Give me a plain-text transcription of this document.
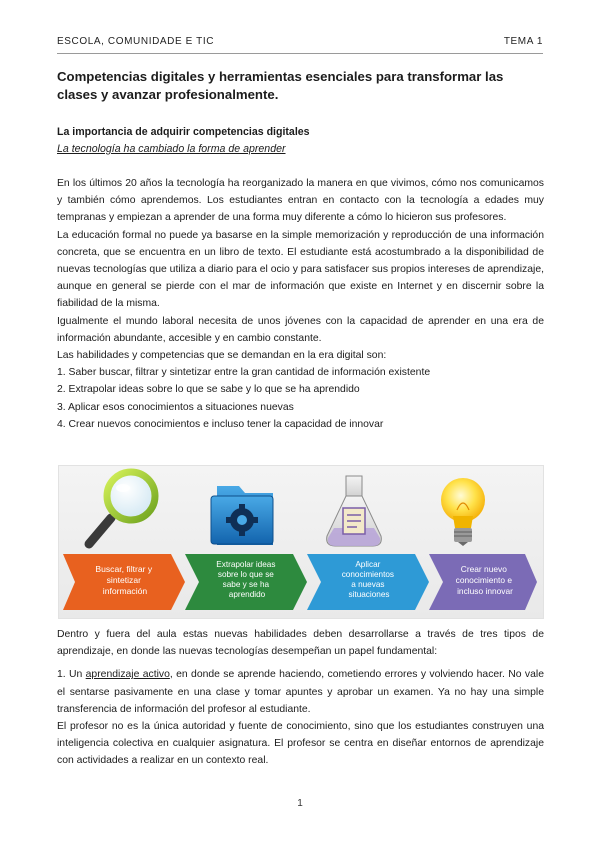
ESCOLA, COMUNIDADE E TIC	TEMA 1
Competencias digitales y herramientas esenciales para transformar las clases y avanzar profesionalmente.
La importancia de adquirir competencias digitales
La tecnología ha cambiado la forma de aprender

En los últimos 20 años la tecnología ha reorganizado la manera en que vivimos, cómo nos comunicamos y también cómo aprendemos. Los estudiantes entran en contacto con la tecnología a edades muy tempranas y empiezan a aprender de una forma muy diferente a cómo lo hicieron sus profesores.

La educación formal no puede ya basarse en la simple memorización y reproducción de una información concreta, que se encuentra en un libro de texto. El estudiante está acostumbrado a la disponibilidad de nuevas tecnologías que utiliza a diario para el ocio y para satisfacer sus propios intereses de aprendizaje, aunque en general se pierde con el mar de información que existe en Internet y en discernir sobre la fiabilidad de la misma.

Igualmente el mundo laboral necesita de unos jóvenes con la capacidad de aprender en una era de información abundante, accesible y en cambio constante.

Las habilidades y competencias que se demandan en la era digital son:

1. Saber buscar, filtrar y sintetizar entre la gran cantidad de información existente

2. Extrapolar ideas sobre lo que se sabe y lo que se ha aprendido

3. Aplicar esos conocimientos a situaciones nuevas

4. Crear nuevos conocimientos e incluso tener la capacidad de innovar

Buscar, filtrar y sintetizar información
Extrapolar ideas sobre lo que se sabe y se ha aprendido
Aplicar conocimientos a nuevas situaciones
Crear nuevo conocimiento e incluso innovar

Dentro y fuera del aula estas nuevas habilidades deben desarrollarse a través de tres tipos de aprendizaje, en donde las nuevas tecnologías desempeñan un papel fundamental:

1. Un aprendizaje activo, en donde se aprende haciendo, cometiendo errores y volviendo hacer. No vale el sentarse pasivamente en una clase y tomar apuntes y aprobar un examen. Ya no hay una simple transferencia de información del profesor al estudiante.

El profesor no es la única autoridad y fuente de conocimiento, sino que los estudiantes construyen una inteligencia colectiva en cualquier asignatura. El profesor se centra en diseñar entornos de aprendizaje con actividades a realizar en un contexto real.

1
